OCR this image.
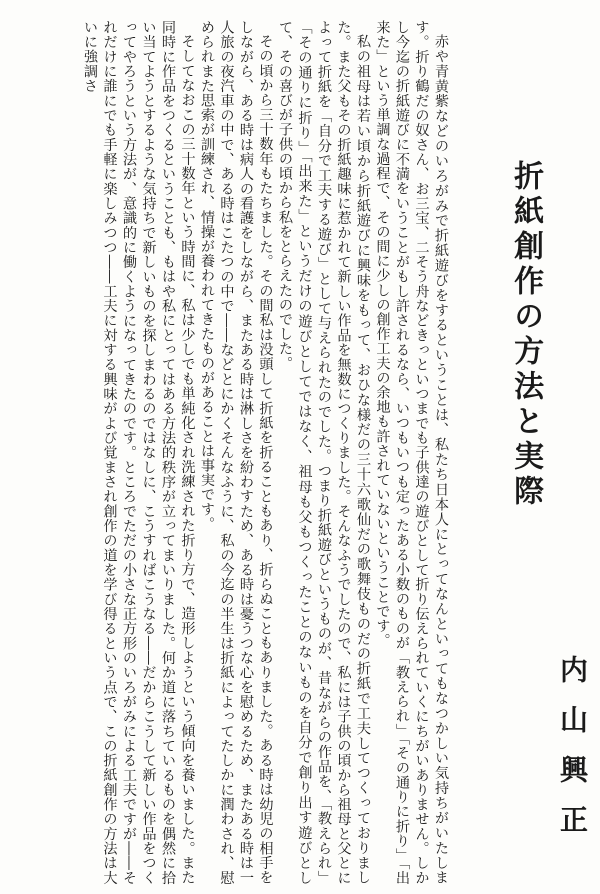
折紙創作の方法と実際
内山興正

赤や青黄紫などのいろがみで折紙遊びをするということは、私たち日本人にとってなんといってもなつかしい気持ちがいたします。折り鶴だの奴さん、お三宝、二そう舟などきっといつまでも子供達の遊びとして折り伝えられていくにちがいありません。しかし今迄の折紙遊びに不満をいうことがもし許されるなら、いつもいつも定ったある小数のものが「教えられ」「その通りに折り」「出来た」という単調な過程で、その間に少しの創作工夫の余地も許されていないということです。

私の祖母は若い頃から折紙遊びに興味をもって、おひな様だの三十六歌仙だの歌舞伎ものだの折紙で工夫してつくっておりました。また父もその折紙趣味に惹かれて新しい作品を無数につくりました。そんなふうでしたので、私には子供の頃から祖母と父とによって折紙を「自分で工夫する遊び」として与えられたのでした。つまり折紙遊びというものが、昔ながらの作品を、「教えられ」「その通りに折り」「出来た」というだけの遊びとしてではなく、祖母も父もつくったことのないものを自分で創り出す遊びとして、その喜びが子供の頃から私をとらえたのでした。

その頃から三十数年もたちました。その間私は没頭して折紙を折ることもあり、折らぬこともありました。ある時は幼児の相手をしながら、ある時は病人の看護をしながら、またある時は淋しさを紛わすため、ある時は憂うつな心を慰めるため、またある時は一人旅の夜汽車の中で、ある時はこたつの中で――などとにかくそんなふうに、私の今迄の半生は折紙によってたしかに潤わされ、慰められまた思索が訓練され、情操が養われてきたものがあることは事実です。

そしてなおこの三十数年という時間に、私は少しでも単純化され洗練された折り方で、造形しようという傾向を養いました。また同時に作品をつくるということも、もはや私にとってはある方法的秩序が立ってまいりました。何か道に落ちているものを偶然に拾い当てようとするような気持ちで新しいものを探しまわるのではなしに、こうすればこうなる――だからこうして新しい作品をつくってやろうという方法が、意識的に働くようになってきたのです。ところでただの小さな正方形のいろがみによる工夫ですが――それだけに誰にでも手軽に楽しみつつ――工夫に対する興味がよび覚まされ創作の道を学び得るという点で、この折紙創作の方法は大いに強調さ
